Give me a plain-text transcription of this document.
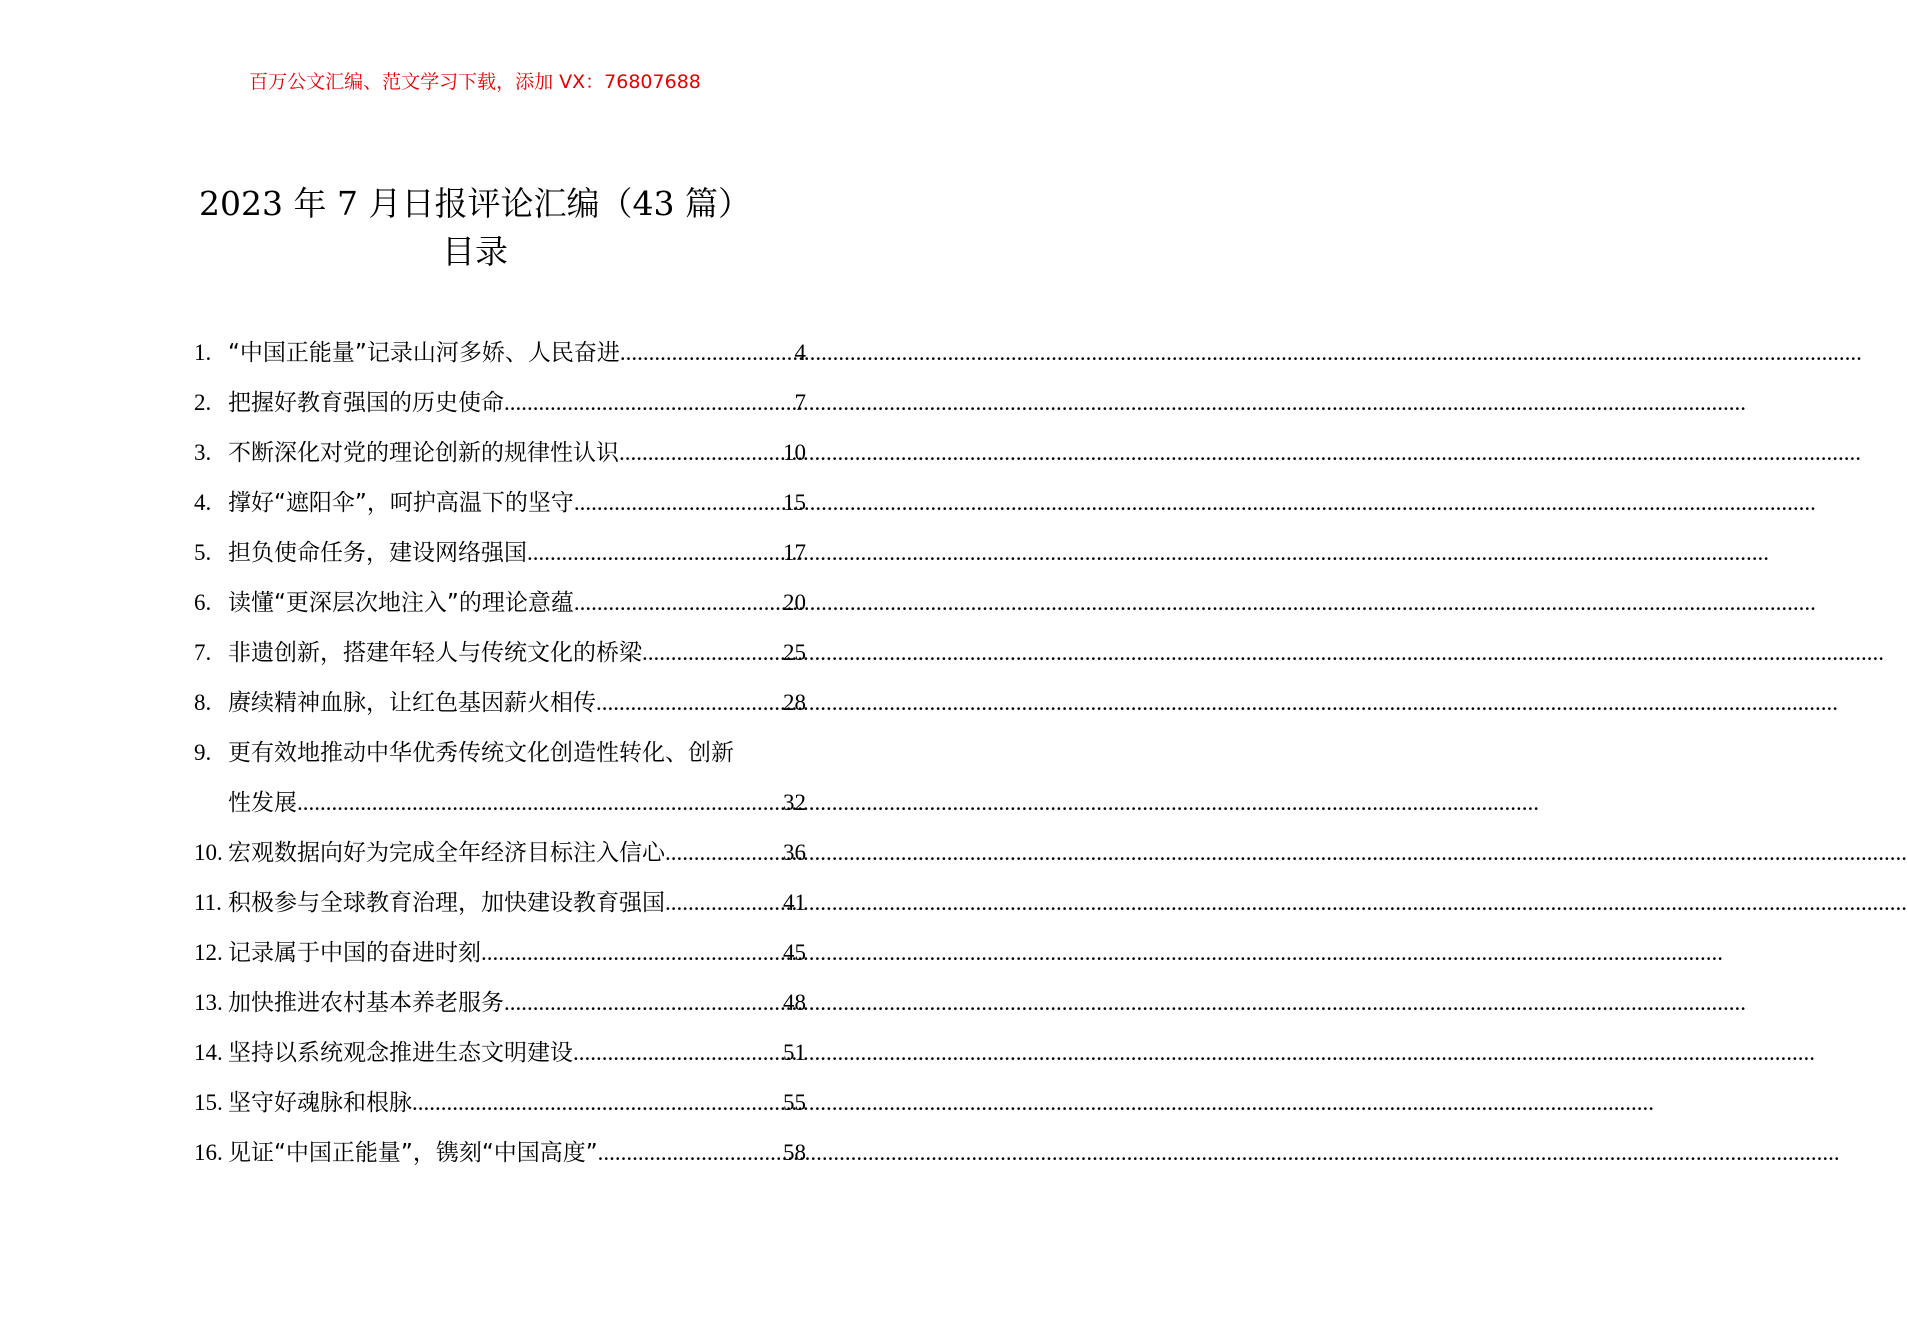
百万公文汇编、范文学习下载，添加 VX：76807688
2023 年 7 月日报评论汇编（43 篇）
目录
1. “中国正能量”记录山河多娇、人民奋进 .....	4
2. 把握好教育强国的历史使命 .....	7
3. 不断深化对党的理论创新的规律性认识 .....	10
4. 撑好“遮阳伞”，呵护高温下的坚守 .....	15
5. 担负使命任务，建设网络强国 .....	17
6. 读懂“更深层次地注入”的理论意蕴 .....	20
7. 非遗创新，搭建年轻人与传统文化的桥梁 .....	25
8. 赓续精神血脉，让红色基因薪火相传 .....	28
9. 更有效地推动中华优秀传统文化创造性转化、创新
性发展 .....	32
10. 宏观数据向好为完成全年经济目标注入信心 .....	36
11. 积极参与全球教育治理，加快建设教育强国 .....	41
12. 记录属于中国的奋进时刻 .....	45
13. 加快推进农村基本养老服务 .....	48
14. 坚持以系统观念推进生态文明建设 .....	51
15. 坚守好魂脉和根脉 .....	55
16. 见证“中国正能量”，镌刻“中国高度” .....	58
